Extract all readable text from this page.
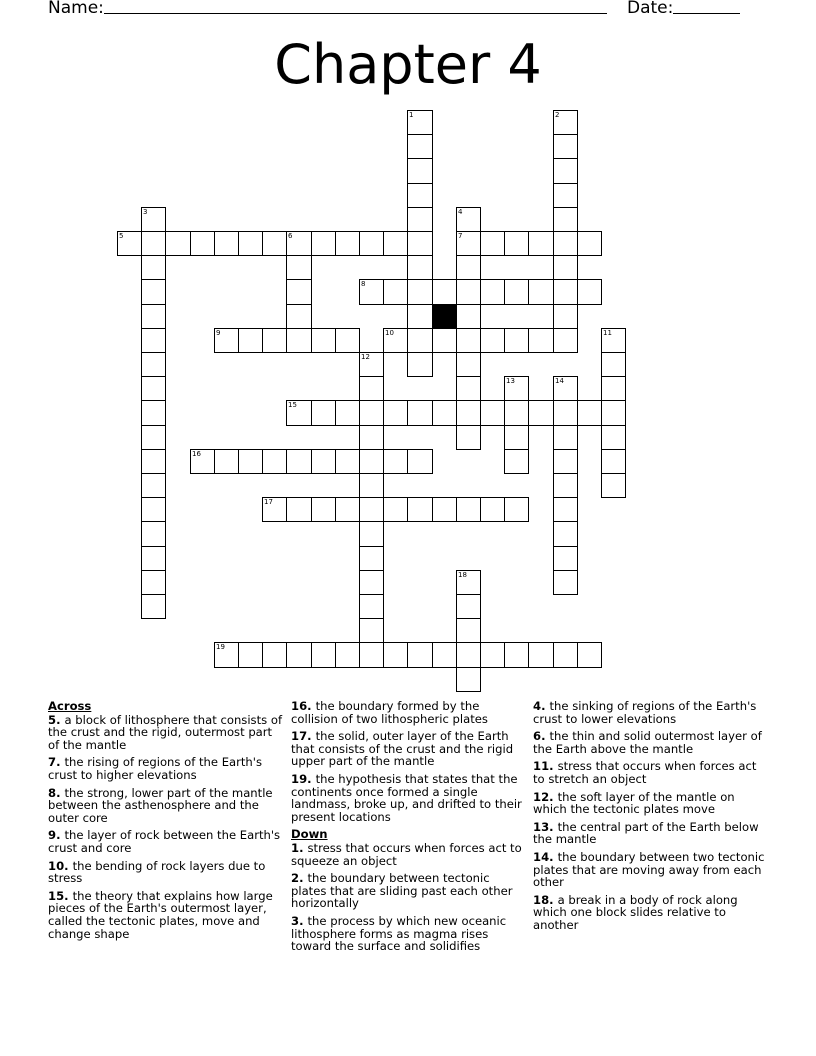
Name:	Date:
Chapter 4
1	2
3	4
7
5	6
8
9	10	11
12
13	14
15
16
17
18
19
Across
5. a block of lithosphere that consists of the crust and the rigid, outermost part of the mantle
7. the rising of regions of the Earth's crust to higher elevations
8. the strong, lower part of the mantle between the asthenosphere and the outer core
9. the layer of rock between the Earth's crust and core
10. the bending of rock layers due to stress
15. the theory that explains how large pieces of the Earth's outermost layer, called the tectonic plates, move and change shape
16. the boundary formed by the collision of two lithospheric plates
17. the solid, outer layer of the Earth that consists of the crust and the rigid upper part of the mantle
19. the hypothesis that states that the continents once formed a single landmass, broke up, and drifted to their present locations
Down
1. stress that occurs when forces act to squeeze an object
2. the boundary between tectonic plates that are sliding past each other horizontally
3. the process by which new oceanic lithosphere forms as magma rises toward the surface and solidifies
4. the sinking of regions of the Earth's crust to lower elevations
6. the thin and solid outermost layer of the Earth above the mantle
11. stress that occurs when forces act to stretch an object
12. the soft layer of the mantle on which the tectonic plates move
13. the central part of the Earth below the mantle
14. the boundary between two tectonic plates that are moving away from each other
18. a break in a body of rock along which one block slides relative to another
